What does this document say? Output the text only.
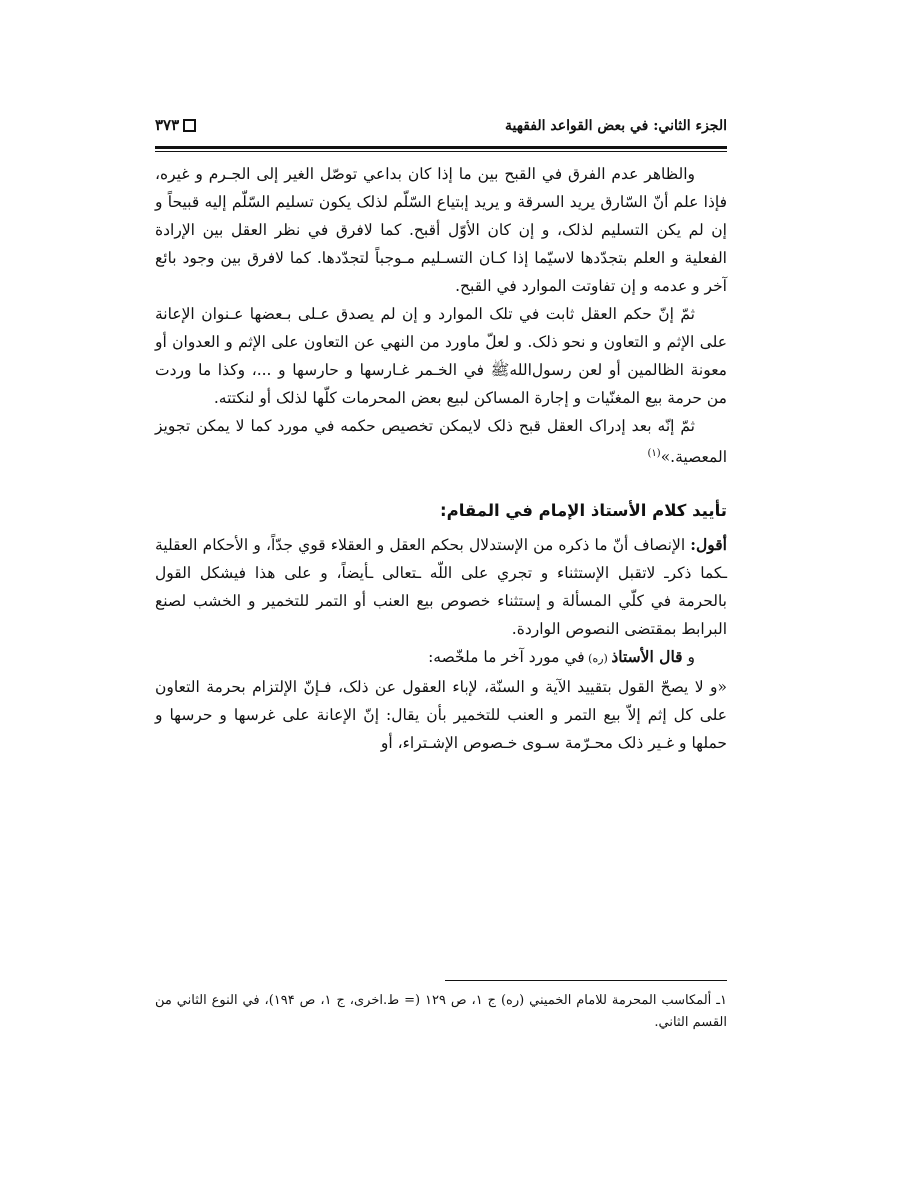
الجزء الثاني: في بعض القواعد الفقهية
٣٧٣

والظاهر عدم الفرق في القبح بين ما إذا كان بداعي توصّل الغير إلى الجـرم و غيره، فإذا علم أنّ السّارق يريد السرقة و يريد إبتياع السّلّم لذلک يكون تسليم السّلّم إليه قبيحاً و إن لم يكن التسليم لذلک، و إن كان الأوّل أقبح. كما لافرق في نظر العقل بين الإرادة الفعلية و العلم بتجدّدها لاسيّما إذا كـان التسـليم مـوجباً لتجدّدها. كما لافرق بين وجود بائع آخر و عدمه و إن تفاوتت الموارد في القبح.

ثمّ إنّ حكم العقل ثابت في تلک الموارد و إن لم يصدق عـلى بـعضها عـنوان الإعانة على الإثم و التعاون و نحو ذلک. و لعلّ ماورد من النهي عن التعاون على الإثم و العدوان أو معونة الظالمين أو لعن رسول‌الله‌ﷺ في الخـمر غـارسها و حارسها و ...، وكذا ما وردت من حرمة بيع المغنّيات و إجارة المساكن لبيع بعض المحرمات كلّها لذلک أو لنكتته.

ثمّ إنّه بعد إدراک العقل قبح ذلک لايمكن تخصيص حكمه في مورد كما لا يمكن تجويز المعصية.»$^{(١)}$

تأييد كلام الأستاذ الإمام في المقام:

أقول: الإنصاف أنّ ما ذكره من الإستدلال بحكم العقل و العقلاء قوي جدّاً، و الأحكام العقلية ـكما ذكرـ لاتقبل الإستثناء و تجري على اللّه ـتعالى ـأيضاً، و على هذا فيشكل القول بالحرمة في كلّي المسألة و إستثناء خصوص بيع العنب أو التمر للتخمير و الخشب لصنع البرابط بمقتضى النصوص الواردة.

و قال الأستاذ (ره) في مورد آخر ما ملخّصه:

«و لا يصحّ القول بتقييد الآية و السنّة، لإباء العقول عن ذلک، فـإنّ الإلتزام بحرمة التعاون على كل إثم إلاّ بيع التمر و العنب للتخمير بأن يقال: إنّ الإعانة على غرسها و حرسها و حملها و غـير ذلک محـرّمة سـوى خـصوص الإشـتراء، أو

١ـ ألمكاسب المحرمة للامام الخميني (ره) ج ١، ص ١٢٩ (= ط.اخرى، ج ١، ص ١٩۴)، في النوع الثاني من القسم الثاني.
